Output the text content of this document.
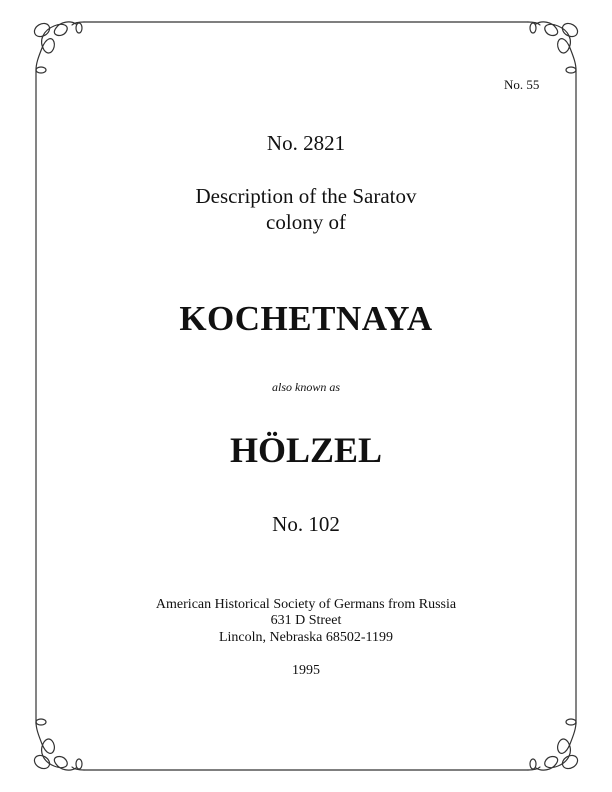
No. 55
No. 2821
Description of the Saratov
colony of
KOCHETNAYA
also known as
HÖLZEL
No. 102
American Historical Society of Germans from Russia
631 D Street
Lincoln, Nebraska 68502-1199
1995
